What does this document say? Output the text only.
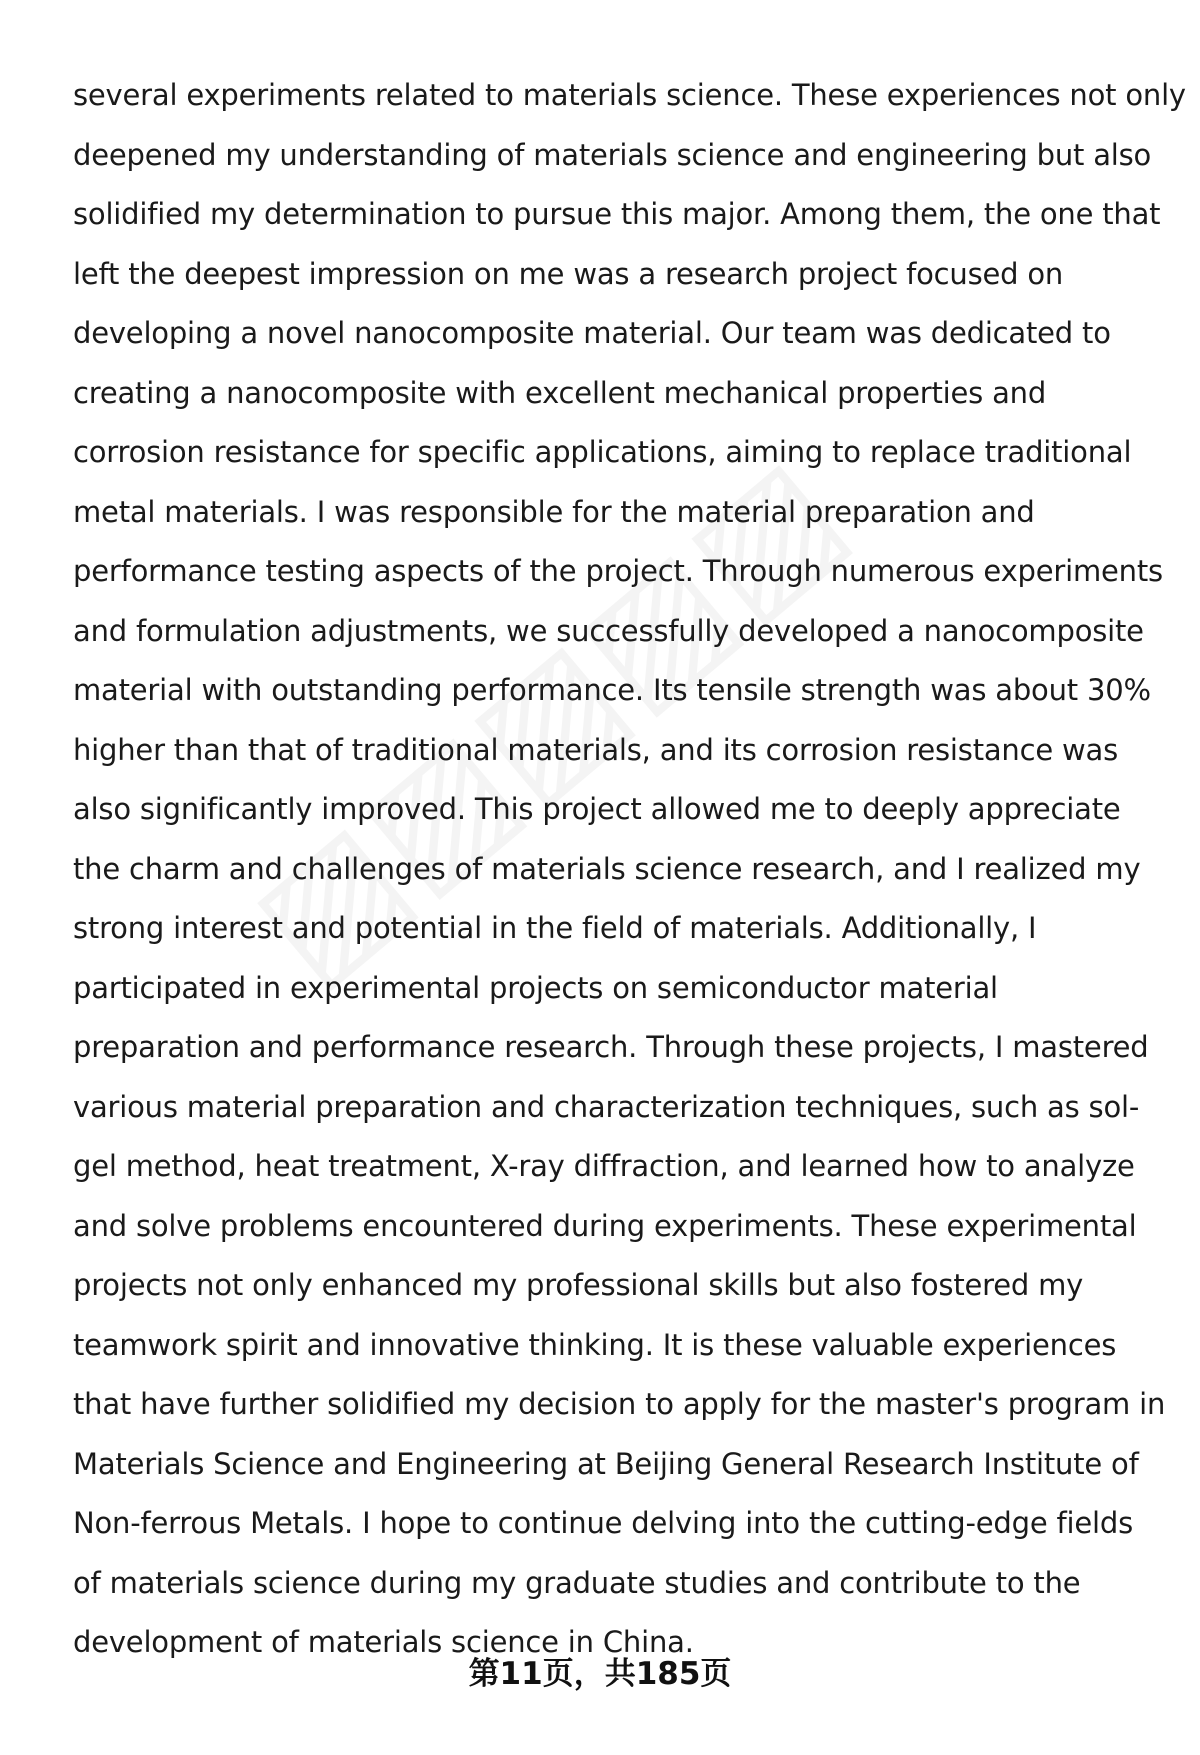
several experiments related to materials science. These experiences not only
deepened my understanding of materials science and engineering but also
solidified my determination to pursue this major. Among them, the one that
left the deepest impression on me was a research project focused on
developing a novel nanocomposite material. Our team was dedicated to
creating a nanocomposite with excellent mechanical properties and
corrosion resistance for specific applications, aiming to replace traditional
metal materials. I was responsible for the material preparation and
performance testing aspects of the project. Through numerous experiments
and formulation adjustments, we successfully developed a nanocomposite
material with outstanding performance. Its tensile strength was about 30%
higher than that of traditional materials, and its corrosion resistance was
also significantly improved. This project allowed me to deeply appreciate
the charm and challenges of materials science research, and I realized my
strong interest and potential in the field of materials. Additionally, I
participated in experimental projects on semiconductor material
preparation and performance research. Through these projects, I mastered
various material preparation and characterization techniques, such as sol-
gel method, heat treatment, X-ray diffraction, and learned how to analyze
and solve problems encountered during experiments. These experimental
projects not only enhanced my professional skills but also fostered my
teamwork spirit and innovative thinking. It is these valuable experiences
that have further solidified my decision to apply for the master's program in
Materials Science and Engineering at Beijing General Research Institute of
Non-ferrous Metals. I hope to continue delving into the cutting-edge fields
of materials science during my graduate studies and contribute to the
development of materials science in China.

第11页，共185页
